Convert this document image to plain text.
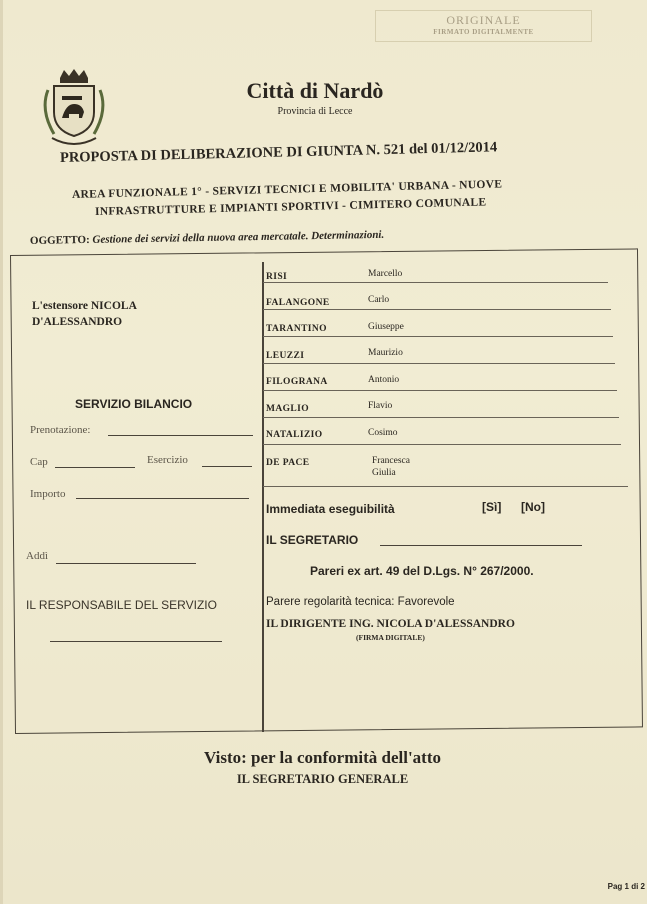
ORIGINALE
FIRMATO DIGITALMENTE
Città di Nardò
Provincia di Lecce
PROPOSTA DI DELIBERAZIONE DI GIUNTA N. 521 del 01/12/2014
AREA FUNZIONALE 1° - SERVIZI TECNICI E MOBILITA' URBANA - NUOVE
INFRASTRUTTURE E IMPIANTI SPORTIVI - CIMITERO COMUNALE
OGGETTO: Gestione dei servizi della nuova area mercatale. Determinazioni.
L'estensore NICOLA
D'ALESSANDRO
SERVIZIO BILANCIO
Prenotazione:
Cap	Esercizio
Importo
Addì
IL RESPONSABILE DEL SERVIZIO
RISI	Marcello
FALANGONE	Carlo
TARANTINO	Giuseppe
LEUZZI	Maurizio
FILOGRANA	Antonio
MAGLIO	Flavio
NATALIZIO	Cosimo
DE PACE	Francesca
Giulia
Immediata eseguibilità	[Sì] [No]
IL SEGRETARIO
Pareri ex art. 49 del D.Lgs. N° 267/2000.
Parere regolarità tecnica: Favorevole
IL DIRIGENTE ING. NICOLA D'ALESSANDRO
(FIRMA DIGITALE)
Visto: per la conformità dell'atto
IL SEGRETARIO GENERALE
Pag 1 di 2
